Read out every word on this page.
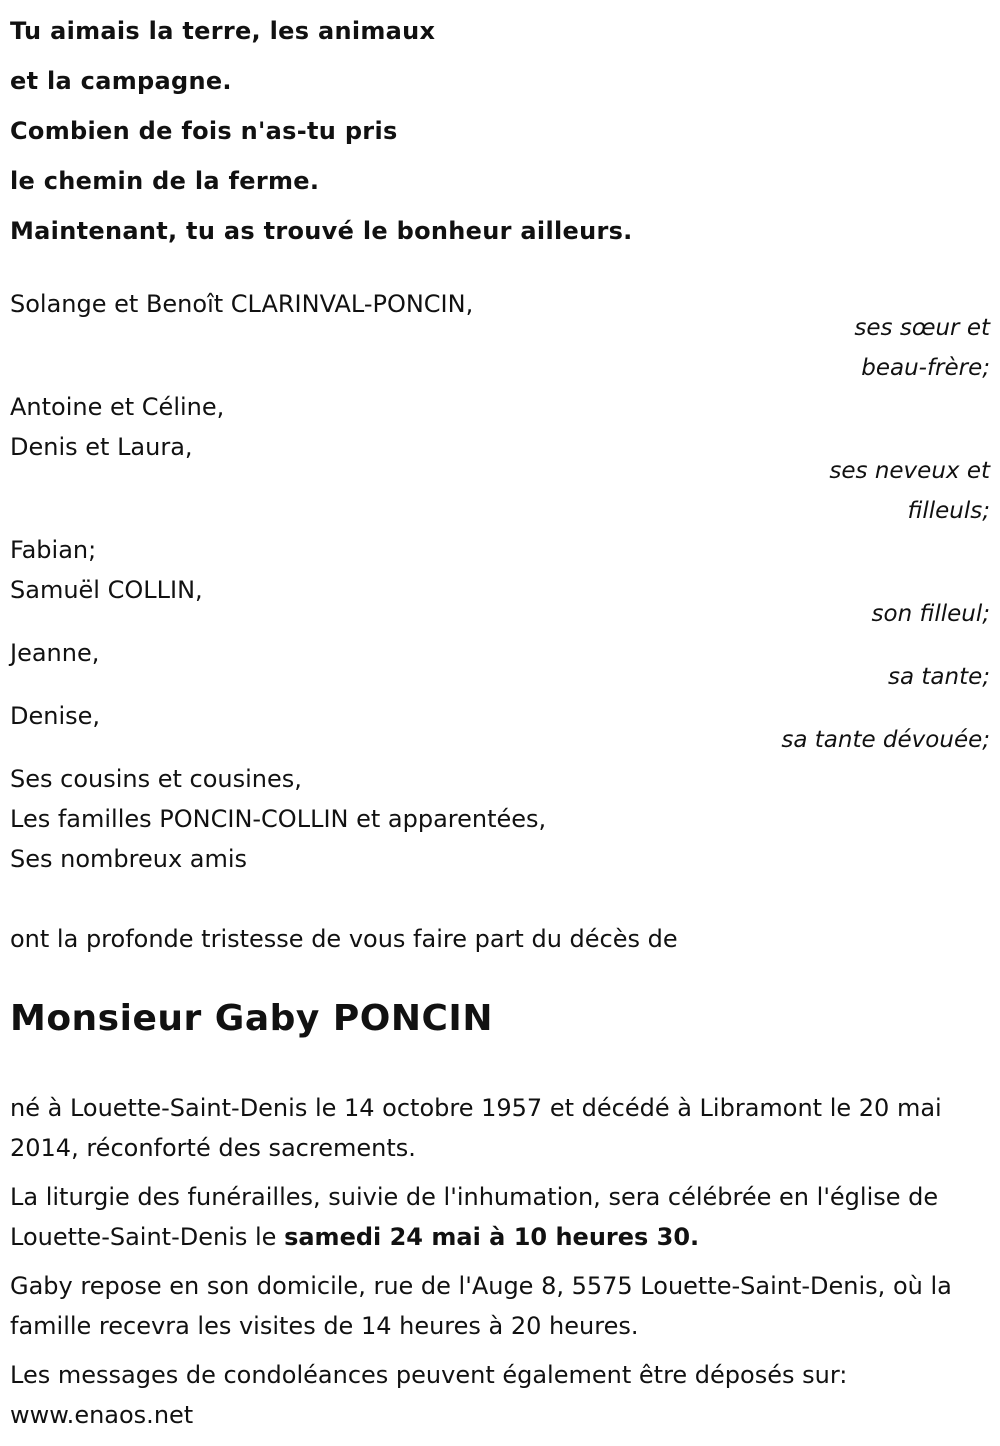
Tu aimais la terre, les animaux
et la campagne.
Combien de fois n'as-tu pris
le chemin de la ferme.
Maintenant, tu as trouvé le bonheur ailleurs.
Solange et Benoît CLARINVAL-PONCIN,
ses sœur et
beau-frère;
Antoine et Céline,
Denis et Laura,
ses neveux et
filleuls;
Fabian;
Samuël COLLIN,
son filleul;
Jeanne,
sa tante;
Denise,
sa tante dévouée;
Ses cousins et cousines,
Les familles PONCIN-COLLIN et apparentées,
Ses nombreux amis
ont la profonde tristesse de vous faire part du décès de
Monsieur Gaby PONCIN
né à Louette-Saint-Denis le 14 octobre 1957 et décédé à Libramont le 20 mai 2014, réconforté des sacrements.
La liturgie des funérailles, suivie de l'inhumation, sera célébrée en l'église de Louette-Saint-Denis le samedi 24 mai à 10 heures 30.
Gaby repose en son domicile, rue de l'Auge 8, 5575 Louette-Saint-Denis, où la famille recevra les visites de 14 heures à 20 heures.
Les messages de condoléances peuvent également être déposés sur:
www.enaos.net
